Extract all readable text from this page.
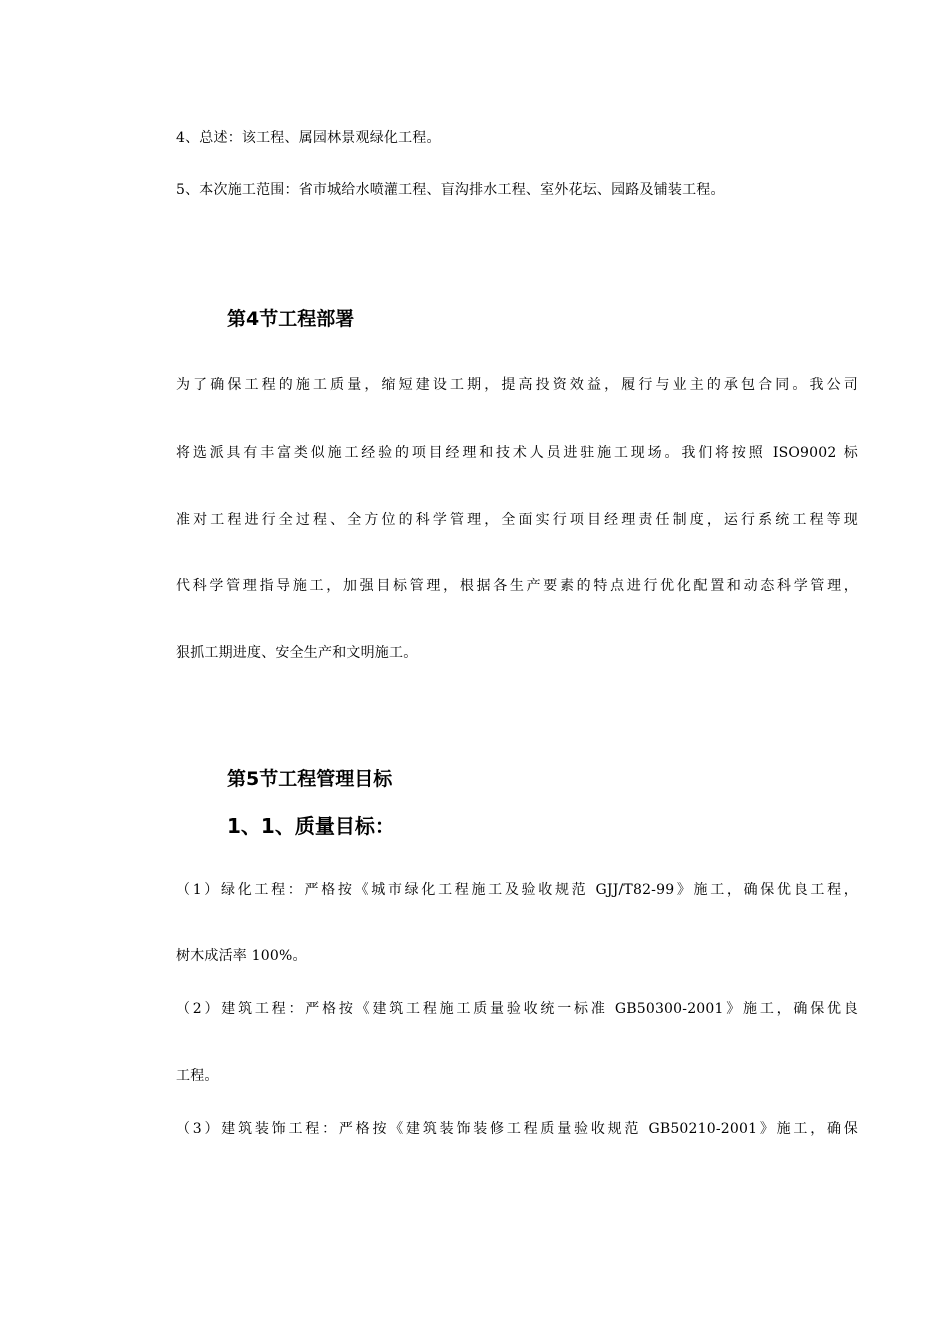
4、总述：该工程、属园林景观绿化工程。
5、本次施工范围：省市城给水喷灌工程、盲沟排水工程、室外花坛、园路及铺装工程。
第4节工程部署
为了确保工程的施工质量，缩短建设工期，提高投资效益，履行与业主的承包合同。我公司
将选派具有丰富类似施工经验的项目经理和技术人员进驻施工现场。我们将按照 ISO9002 标
准对工程进行全过程、全方位的科学管理，全面实行项目经理责任制度，运行系统工程等现
代科学管理指导施工，加强目标管理，根据各生产要素的特点进行优化配置和动态科学管理，
狠抓工期进度、安全生产和文明施工。
第5节工程管理目标
1、1、质量目标：
（1）绿化工程：严格按《城市绿化工程施工及验收规范 GJJ/T82-99》施工，确保优良工程，
树木成活率 100%。
（2）建筑工程：严格按《建筑工程施工质量验收统一标准 GB50300-2001》施工，确保优良
工程。
（3）建筑装饰工程：严格按《建筑装饰装修工程质量验收规范 GB50210-2001》施工，确保
